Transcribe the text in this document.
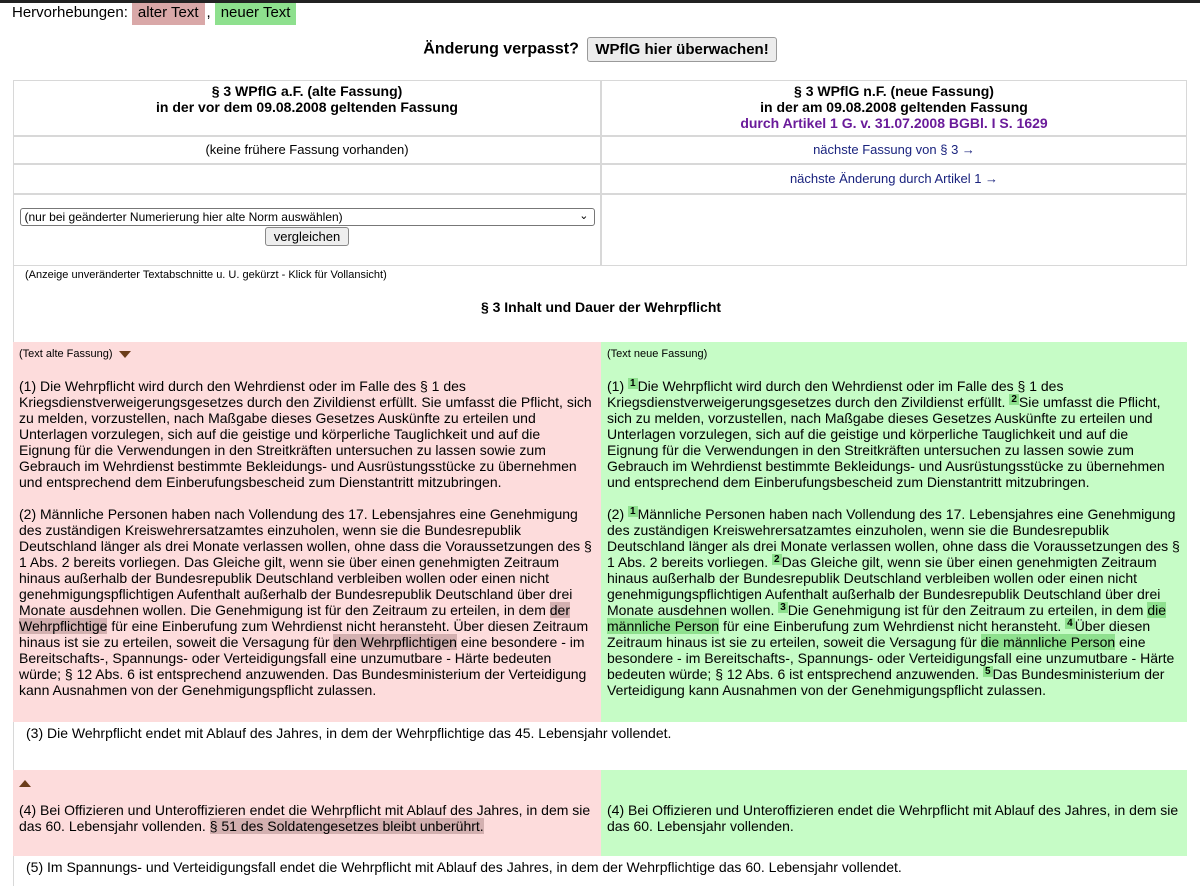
Hervorhebungen: alter Text , neuer Text
Änderung verpasst? WPflG hier überwachen!
§ 3 WPflG a.F. (alte Fassung)
in der vor dem 09.08.2008 geltenden Fassung
§ 3 WPflG n.F. (neue Fassung)
in der am 09.08.2008 geltenden Fassung
durch Artikel 1 G. v. 31.07.2008 BGBl. I S. 1629
(keine frühere Fassung vorhanden)	nächste Fassung von § 3 →
nächste Änderung durch Artikel 1 →
(nur bei geänderter Numerierung hier alte Norm auswählen)
⌄
vergleichen
(Anzeige unveränderter Textabschnitte u. U. gekürzt - Klick für Vollansicht)
§ 3 Inhalt und Dauer der Wehrpflicht
(Text alte Fassung)

(1) Die Wehrpflicht wird durch den Wehrdienst oder im Falle des § 1 des Kriegsdienstverweigerungsgesetzes durch den Zivildienst erfüllt. Sie umfasst die Pflicht, sich zu melden, vorzustellen, nach Maßgabe dieses Gesetzes Auskünfte zu erteilen und Unterlagen vorzulegen, sich auf die geistige und körperliche Tauglichkeit und auf die Eignung für die Verwendungen in den Streitkräften untersuchen zu lassen sowie zum Gebrauch im Wehrdienst bestimmte Bekleidungs- und Ausrüstungsstücke zu übernehmen und entsprechend dem Einberufungsbescheid zum Dienstantritt mitzubringen.

(2) Männliche Personen haben nach Vollendung des 17. Lebensjahres eine Genehmigung des zuständigen Kreiswehrersatzamtes einzuholen, wenn sie die Bundesrepublik Deutschland länger als drei Monate verlassen wollen, ohne dass die Voraussetzungen des § 1 Abs. 2 bereits vorliegen. Das Gleiche gilt, wenn sie über einen genehmigten Zeitraum hinaus außerhalb der Bundesrepublik Deutschland verbleiben wollen oder einen nicht genehmigungspflichtigen Aufenthalt außerhalb der Bundesrepublik Deutschland über drei Monate ausdehnen wollen. Die Genehmigung ist für den Zeitraum zu erteilen, in dem der Wehrpflichtige für eine Einberufung zum Wehrdienst nicht heransteht. Über diesen Zeitraum hinaus ist sie zu erteilen, soweit die Versagung für den Wehrpflichtigen eine besondere - im Bereitschafts-, Spannungs- oder Verteidigungsfall eine unzumutbare - Härte bedeuten würde; § 12 Abs. 6 ist entsprechend anzuwenden. Das Bundesministerium der Verteidigung kann Ausnahmen von der Genehmigungspflicht zulassen.

(Text neue Fassung)

(1) $^1$ Die Wehrpflicht wird durch den Wehrdienst oder im Falle des § 1 des Kriegsdienstverweigerungsgesetzes durch den Zivildienst erfüllt. $^2$ Sie umfasst die Pflicht, sich zu melden, vorzustellen, nach Maßgabe dieses Gesetzes Auskünfte zu erteilen und Unterlagen vorzulegen, sich auf die geistige und körperliche Tauglichkeit und auf die Eignung für die Verwendungen in den Streitkräften untersuchen zu lassen sowie zum Gebrauch im Wehrdienst bestimmte Bekleidungs- und Ausrüstungsstücke zu übernehmen und entsprechend dem Einberufungsbescheid zum Dienstantritt mitzubringen.

(2) $^1$ Männliche Personen haben nach Vollendung des 17. Lebensjahres eine Genehmigung des zuständigen Kreiswehrersatzamtes einzuholen, wenn sie die Bundesrepublik Deutschland länger als drei Monate verlassen wollen, ohne dass die Voraussetzungen des § 1 Abs. 2 bereits vorliegen. $^2$ Das Gleiche gilt, wenn sie über einen genehmigten Zeitraum hinaus außerhalb der Bundesrepublik Deutschland verbleiben wollen oder einen nicht genehmigungspflichtigen Aufenthalt außerhalb der Bundesrepublik Deutschland über drei Monate ausdehnen wollen. $^3$ Die Genehmigung ist für den Zeitraum zu erteilen, in dem die männliche Person für eine Einberufung zum Wehrdienst nicht heransteht. $^4$ Über diesen Zeitraum hinaus ist sie zu erteilen, soweit die Versagung für die männliche Person eine besondere - im Bereitschafts-, Spannungs- oder Verteidigungsfall eine unzumutbare - Härte bedeuten würde; § 12 Abs. 6 ist entsprechend anzuwenden. $^5$ Das Bundesministerium der Verteidigung kann Ausnahmen von der Genehmigungspflicht zulassen.

(3) Die Wehrpflicht endet mit Ablauf des Jahres, in dem der Wehrpflichtige das 45. Lebensjahr vollendet.

(4) Bei Offizieren und Unteroffizieren endet die Wehrpflicht mit Ablauf des Jahres, in dem sie das 60. Lebensjahr vollenden. § 51 des Soldatengesetzes bleibt unberührt.

(4) Bei Offizieren und Unteroffizieren endet die Wehrpflicht mit Ablauf des Jahres, in dem sie das 60. Lebensjahr vollenden.

(5) Im Spannungs- und Verteidigungsfall endet die Wehrpflicht mit Ablauf des Jahres, in dem der Wehrpflichtige das 60. Lebensjahr vollendet.
